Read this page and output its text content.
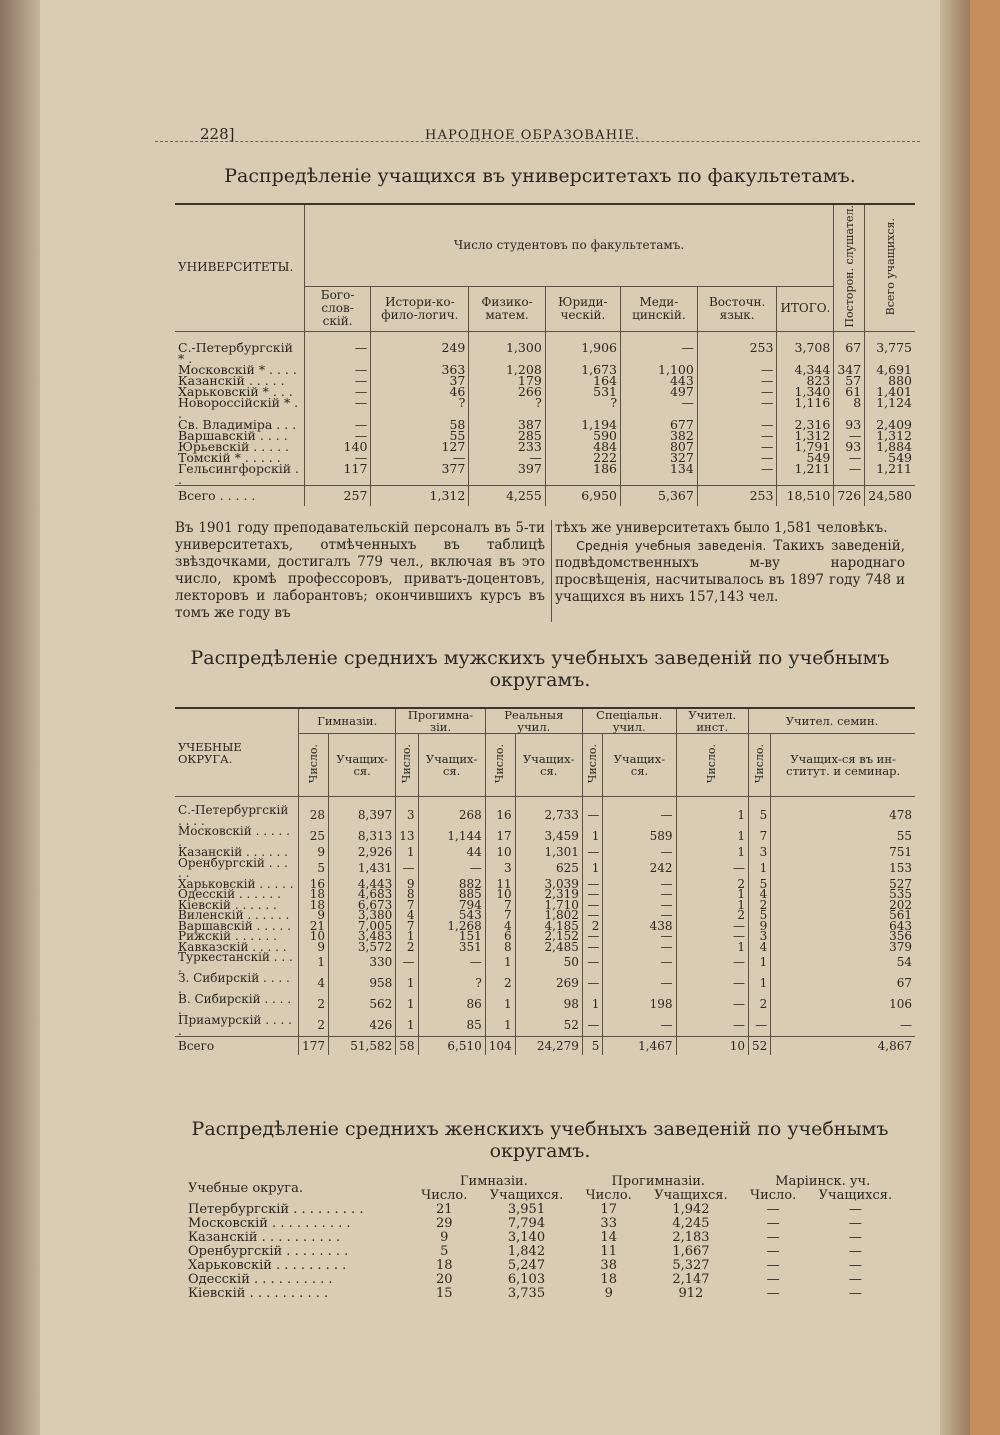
228]	НАРОДНОЕ ОБРАЗОВАНІЕ.
Распредѣленіе учащихся въ университетахъ по факультетамъ.
УНИВЕРСИТЕТЫ.	Число студентовъ по факультетамъ.							Посторон. слушател.	Всего учащихся.
	Бого-слов-скій.	Истори-ко-фило-логич.	Физико-матем.	Юриди-ческій.	Меди-цинскій.	Восточн. язык.	ИТОГО.		
С.-Петербургскій * .	—	249	1,300	1,906	—	253	3,708	67	3,775
Московскій * . . . .	—	363	1,208	1,673	1,100	—	4,344	347	4,691
Казанскій . . . . .	—	37	179	164	443	—	823	57	880
Харьковскій * . . .	—	46	266	531	497	—	1,340	61	1,401
Новороссійскій * . .	—	?	?	?	—	—	1,116	8	1,124
Св. Владиміра . . .	—	58	387	1,194	677	—	2,316	93	2,409
Варшавскій . . . .	—	55	285	590	382	—	1,312	—	1,312
Юрьевскій . . . . .	140	127	233	484	807	—	1,791	93	1,884
Томскій * . . . . .	—	—	—	222	327	—	549	—	549
Гельсингфорскій . .	117	377	397	186	134	—	1,211	—	1,211
Всего . . . . .	257	1,312	4,255	6,950	5,367	253	18,510	726	24,580
Въ 1901 году преподавательскій персоналъ въ 5-ти университетахъ, отмѣченныхъ въ таблицѣ звѣздочками, достигалъ 779 чел., включая въ это число, кромѣ профессоровъ, приватъ-доцентовъ, лекторовъ и лаборантовъ; окончившихъ курсъ въ томъ же году въ
тѣхъ же университетахъ было 1,581 человѣкъ.
Среднія учебныя заведенія. Такихъ заведеній, подвѣдомственныхъ м-ву народнаго просвѣщенія, насчитывалось въ 1897 году 748 и учащихся въ нихъ 157,143 чел.
Распредѣленіе среднихъ мужскихъ учебныхъ заведеній по учебнымъ округамъ.
УЧЕБНЫЕ ОКРУГА.	Гимназіи.		Прогимна-зіи.		Реальныя учил.		Спеціальн. учил.		Учител. инст.	Учител. семин.	
	Число.	Учащих-ся.	Число.	Учащих-ся.	Число.	Учащих-ся.	Число.	Учащих-ся.	Число.	Число.	Учащих-ся въ ин-ститут. и семинар.
С.-Петербургскій . . . .	28	8,397	3	268	16	2,733	—	—	1	5	478
Московскій . . . . . .	25	8,313	13	1,144	17	3,459	1	589	1	7	55
Казанскій . . . . . .	9	2,926	1	44	10	1,301	—	—	1	3	751
Оренбургскій . . . . .	5	1,431	—	—	3	625	1	242	—	1	153
Харьковскій . . . . .	16	4,443	9	882	11	3,039	—	—	2	5	527
Одесскій . . . . . .	18	4,683	8	885	10	2,319	—	—	1	4	535
Кіевскій . . . . . .	18	6,673	7	794	7	1,710	—	—	1	2	202
Виленскій . . . . . .	9	3,380	4	543	7	1,802	—	—	2	5	561
Варшавскій . . . . .	21	7,005	7	1,268	4	4,185	2	438	—	9	643
Рижскій . . . . . .	10	3,483	1	151	6	2,152	—	—	—	3	356
Кавказскій . . . . .	9	3,572	2	351	8	2,485	—	—	1	4	379
Туркестанскій . . . .	1	330	—	—	1	50	—	—	—	1	54
З. Сибирскій . . . . .	4	958	1	?	2	269	—	—	—	1	67
В. Сибирскій . . . . .	2	562	1	86	1	98	1	198	—	2	106
Приамурскій . . . . .	2	426	1	85	1	52	—	—	—	—	—
Всего	177	51,582	58	6,510	104	24,279	5	1,467	10	52	4,867
Распредѣленіе среднихъ женскихъ учебныхъ заведеній по учебнымъ округамъ.
Учебные округа.	Гимназіи.		Прогимназіи.		Маріинск. уч.	
	Число.	Учащихся.	Число.	Учащихся.	Число.	Учащихся.
Петербургскій . . . . . . . . .	21	3,951	17	1,942	—	—
Московскій . . . . . . . . . .	29	7,794	33	4,245	—	—
Казанскій . . . . . . . . . .	9	3,140	14	2,183	—	—
Оренбургскій . . . . . . . .	5	1,842	11	1,667	—	—
Харьковскій . . . . . . . . .	18	5,247	38	5,327	—	—
Одесскій . . . . . . . . . .	20	6,103	18	2,147	—	—
Кіевскій . . . . . . . . . .	15	3,735	9	912	—	—
